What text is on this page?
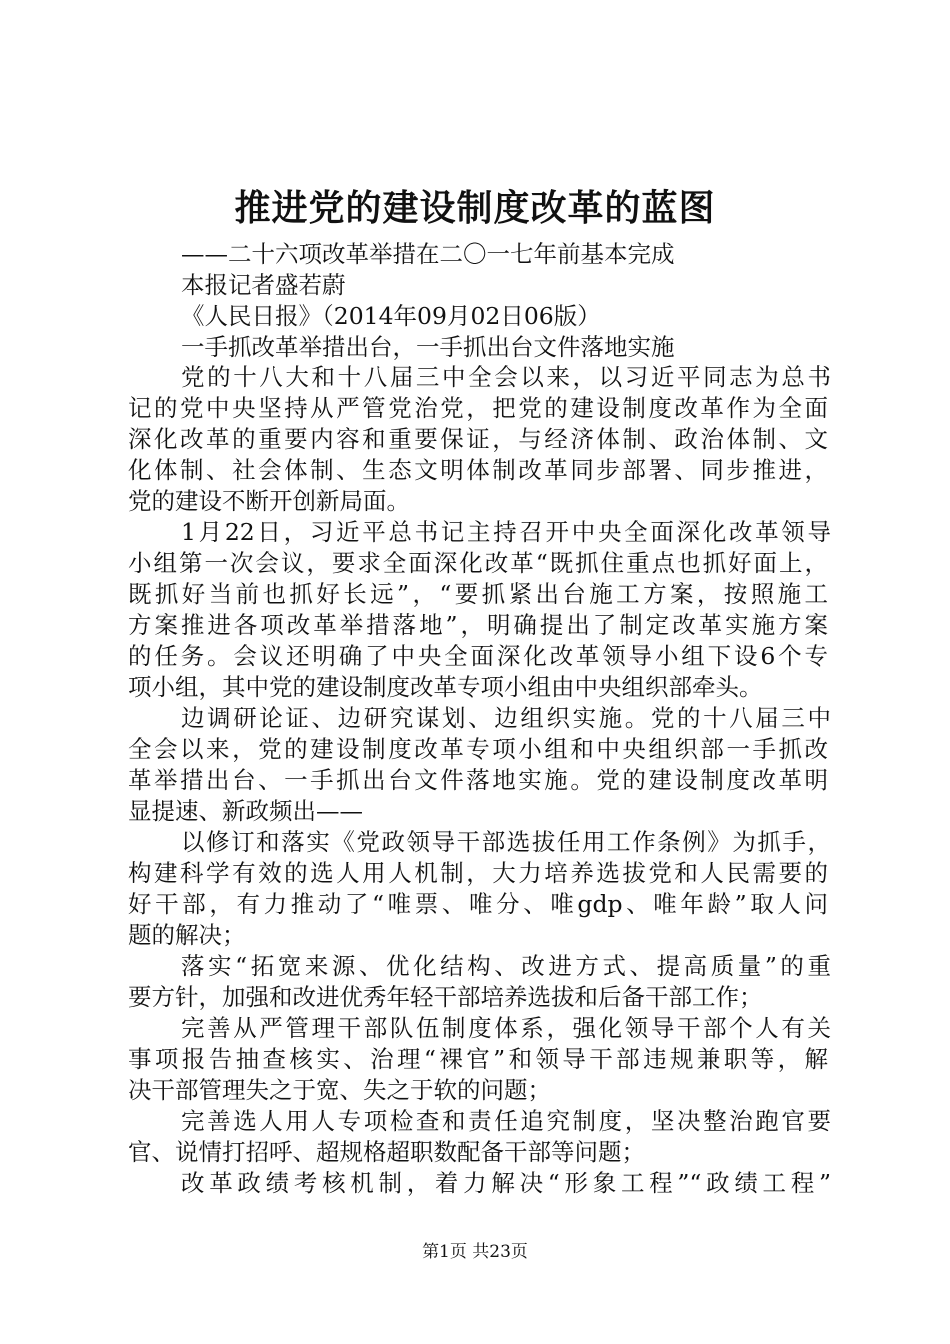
推进党的建设制度改革的蓝图

——二十六项改革举措在二〇一七年前基本完成

本报记者盛若蔚

《人民日报》（2014年09月02日06版）

一手抓改革举措出台，一手抓出台文件落地实施

党的十八大和十八届三中全会以来，以习近平同志为总书

记的党中央坚持从严管党治党，把党的建设制度改革作为全面

深化改革的重要内容和重要保证，与经济体制、政治体制、文

化体制、社会体制、生态文明体制改革同步部署、同步推进，

党的建设不断开创新局面。

1月22日，习近平总书记主持召开中央全面深化改革领导

小组第一次会议，要求全面深化改革“既抓住重点也抓好面上，

既抓好当前也抓好长远”，“要抓紧出台施工方案，按照施工

方案推进各项改革举措落地”，明确提出了制定改革实施方案

的任务。会议还明确了中央全面深化改革领导小组下设6个专

项小组，其中党的建设制度改革专项小组由中央组织部牵头。

边调研论证、边研究谋划、边组织实施。党的十八届三中

全会以来，党的建设制度改革专项小组和中央组织部一手抓改

革举措出台、一手抓出台文件落地实施。党的建设制度改革明

显提速、新政频出——

以修订和落实《党政领导干部选拔任用工作条例》为抓手，

构建科学有效的选人用人机制，大力培养选拔党和人民需要的

好干部，有力推动了“唯票、唯分、唯gdp、唯年龄”取人问

题的解决；

落实“拓宽来源、优化结构、改进方式、提高质量”的重

要方针，加强和改进优秀年轻干部培养选拔和后备干部工作；

完善从严管理干部队伍制度体系，强化领导干部个人有关

事项报告抽查核实、治理“裸官”和领导干部违规兼职等，解

决干部管理失之于宽、失之于软的问题；

完善选人用人专项检查和责任追究制度，坚决整治跑官要

官、说情打招呼、超规格超职数配备干部等问题；

改革政绩考核机制，着力解决“形象工程”“政绩工程”

第1页 共23页
